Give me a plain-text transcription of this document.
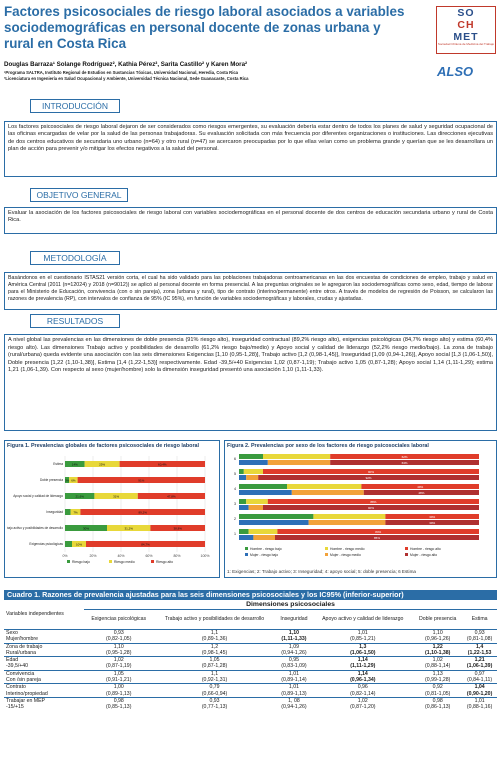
Factores psicosociales de riesgo laboral asociados a variables sociodemográficas en personal docente de zonas urbana y rural en Costa Rica
Douglas Barraza¹ Solange Rodríguez², Kathia Pérez², Sarita Castillo² y Karen Mora²
¹Programa SALTRA, Instituto Regional de Estudios en Sustancias Tóxicas, Universidad Nacional, Heredia, Costa Rica
²Licenciatura en Ingeniería en Salud Ocupacional y Ambiente, Universidad Técnica Nacional, Sede Guanacaste, Costa Rica
SO
CH
MET
Sociedad Chilena de Medicina del Trabajo
ALSO
INTRODUCCIÓN
Los factores psicosociales de riesgo laboral dejaron de ser considerados como riesgos emergentes, su evaluación debería estar dentro de todos los planes de salud y seguridad ocupacional de las oficinas encargadas de velar por la salud de las personas trabajadoras. Su evaluación solicitada con más frecuencia por diferentes organizaciones o instituciones. Las direcciones ejecutivas de dos centros educativos de secundaria uno urbano (n=64) y otro rural (n=47) se acercaron preocupadas por lo que ellas veían como un problema grande y querían que se les desarrollara un plan de acción para prevenir y/o mitigar los efectos negativos a la salud del personal.
OBJETIVO GENERAL
Evaluar la asociación de los factores psicosociales de riesgo laboral con variables sociodemográficas en el personal docente de dos centros de educación secundaria urbano y rural de Costa Rica.
METODOLOGÍA
Basándonos en el cuestionario ISTAS21 versión corta, el cual ha sido validado para las poblaciones trabajadoras centroamericanas en las dos encuestas de condiciones de empleo, trabajo y salud en América Central (2011 (n=12024) y 2018 (n=9012)) se aplicó al personal docente en forma presencial. A las preguntas originales se le agregaron las sociodemográficas como sexo, edad, tiempo de laborar para el Ministerio de Educación, convivencia (con o sin pareja), zona (urbana y rural), tipo de contrato (interino/permanente) entre otros. A través de modelos de regresión de Poisson, se calcularon las razones de prevalencia (RP), con intervalos de confianza de 95% (IC 95%), en función de variables sociodemográficas y laborales, crudas y ajustadas.
RESULTADOS
A nivel global las prevalencias en las dimensiones de doble presencia (91% riesgo alto), inseguridad contractual (89,2% riesgo alto), exigencias psicológicas (84,7% riesgo alto) y estima (60,4% riesgo alto). Las dimensiones Trabajo activo y posibilidades de desarrollo (61,2% riesgo bajo/medio) y Apoyo social y calidad de liderazgo (52,2% riesgo medio/bajo). La zona de trabajo (rural/urbana) queda evidente una asociación con las seis dimensiones Exigencias [1,10 (0,95-1,28)], Trabajo activo [1,2 (0,98-1,45)], Inseguridad [1,09 (0,94-1,26)], Apoyo social [1,3 (1,06-1,50)], Doble presencia [1,22 (1,10-1,38)], Estima [1,4 (1,22-1,53)] respectivamente. Edad -39,5/+40 Exigencias 1,02 (0,87-1,19); Trabajo activo 1,05 (0,87-1,28); Apoyo social 1,14 (1,11-1,29); estima 1,21 (1,06-1,39). Con respecto al sexo (mujer/hombre) solo la dimensión inseguridad presentó una asociación 1,10 (1,11-1,33).
Figura 1. Prevalencias globales de factores psicosociales de riesgo laboral
0%	20%	40%	60%	80%	100%
Estima	14%	25%	60,4%
Doble presencia 3% 6%	91%
Apoyo social y calidad de liderazgo	21,6%	31%	47,8%
Inseguridad	7%	89,2%
Trabajo activo y posibilidades de desarrollo	30%	31,2%	38,8%
Exigencias psicológicas	10%	84,7%
Riesgo bajo	Riesgo medio	Riesgo alto
Figura 2. Prevalencias por sexo de los factores de riesgo psicosociales laboral
6
62%
63%
5
90%
92%
4
49%
48%
3
88%
90%
2
39%
39%
1
84%
85%
Hombre - riesgo bajo	Hombre - riesgo medio	Hombre - riesgo alto
Mujer - riesgo bajo	Mujer - riesgo medio	Mujer - riesgo alto
1: Exigencias; 2: Trabajo activo; 3: Inseguridad; 4: apoyo social; 5: doble presencia; 6 Estima
Cuadro 1. Razones de prevalencia ajustadas para las seis dimensiones psicosociales y los IC95% (inferior-superior)
Variables independientes	Dimensiones psicosociales					
	Exigencias psicológicas	Trabajo activo y posibilidades de desarrollo	Inseguridad	Apoyo activo y calidad de liderazgo	Doble presencia	Estima
Sexo	0,93	1,1	1,10	1,01	1,10	0,93
Mujer/hombre	(0,82-1,05)	(0,89-1,36)	(1,11-1,33)	(0,85-1,21)	(0,96-1,26)	(0,81-1,08)
Zona de trabajo	1,10	1,2	1,09	1,3	1,22	1,4
Rural/urbana	(0,95-1,28)	(0,98-1,45)	(0,94-1,26)	(1,06-1,50)	(1,10-1,38)	(1,22-1,53
Edad	1,02	1,05	0,95	1,14	1,02	1,21
-39,5/+40	(0,87-1,19)	(0,87-1,28)	(0,83-1,09)	(1,11-1,29)	(0,88-1,14)	(1,06-1,39)
Convivencia	1,05	1,1	1,01	1,14	1,13	0,97
Con /sin pareja	(0,91-1,21)	(0,92-1,31)	(0,89-1,14)	(0,96-1,34)	(0,99-1,28)	(0,84-1,11)
Contrato	1,00	0,79	1,01	0,96	0,92	1,04
Interino/propiedad	(0,89-1,13)	(0,66-0,94)	(0,89-1,13)	(0,82-1,14)	(0,81-1,05)	(0,90-1,20)
Trabajar en MEP	0,98	0,93	1, 08	1,02	0,98	1,01
-15/+15	(0,85-1,13)	(0,77-1,13)	(0,94-1,26)	(0,87-1,20)	(0,86-1,13)	(0,88-1,16)
